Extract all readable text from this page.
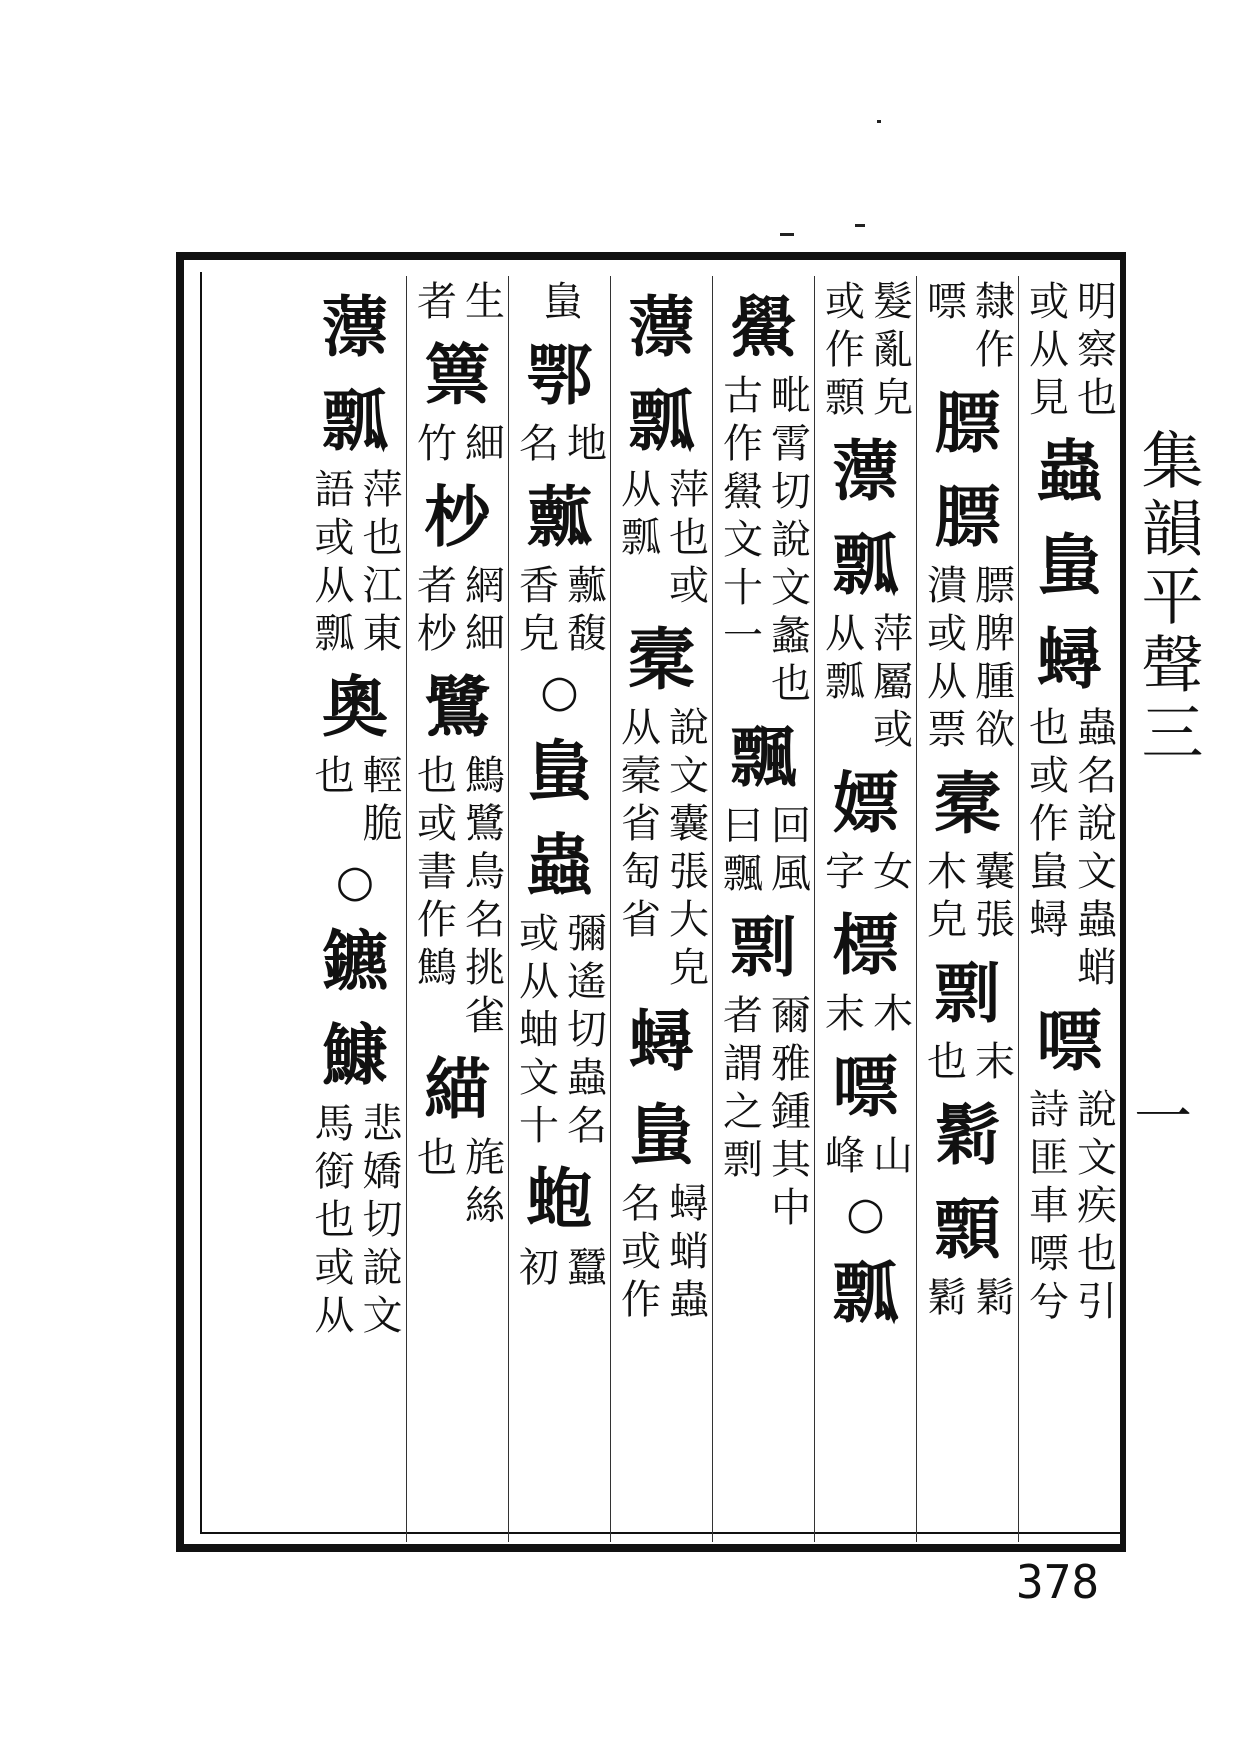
明察也
或从見
蟲
蛗
蟳
蟲名說文蟲蛸
也或作蛗蟳
嘌
說文疾也引
詩匪車嘌兮
隸作
嘌
膘
膘
膘脾腫欲
潰或从票
槖
囊張
木皃
剽
末
也
鬁
顠
鬁
鬁
髮亂皃
或作顠
薸
瓢
萍屬或
从瓢
嫖
女
字
標
木
末
嘌
山
峰
○
瓢
鱟
毗霄切說文蠡也
古作鱟文十一
飄
回風
曰飄
剽
爾雅鍾其中
者謂之剽
薸
瓢
萍也或
从瓢
槖
說文囊張大皃
从槖省匋省
蟳
蛗
蟳蛸蟲
名或作
蛗
鄂
地
名
䕯
䕯馥
香皃
○
蛗
蟲
彌遙切蟲名
或从蚰文十
蚫
蠶
初
生
者
篻
細
竹
杪
網細
者杪
鷺
鷦鷺鳥名挑雀
也或書作鷦
緢
旄絲
也
薸
瓢
萍也江東
語或从瓢
奧
輕脆
也
○
鑣
鱇
悲嬌切說文
馬銜也或从
集韻平聲三
一
378
